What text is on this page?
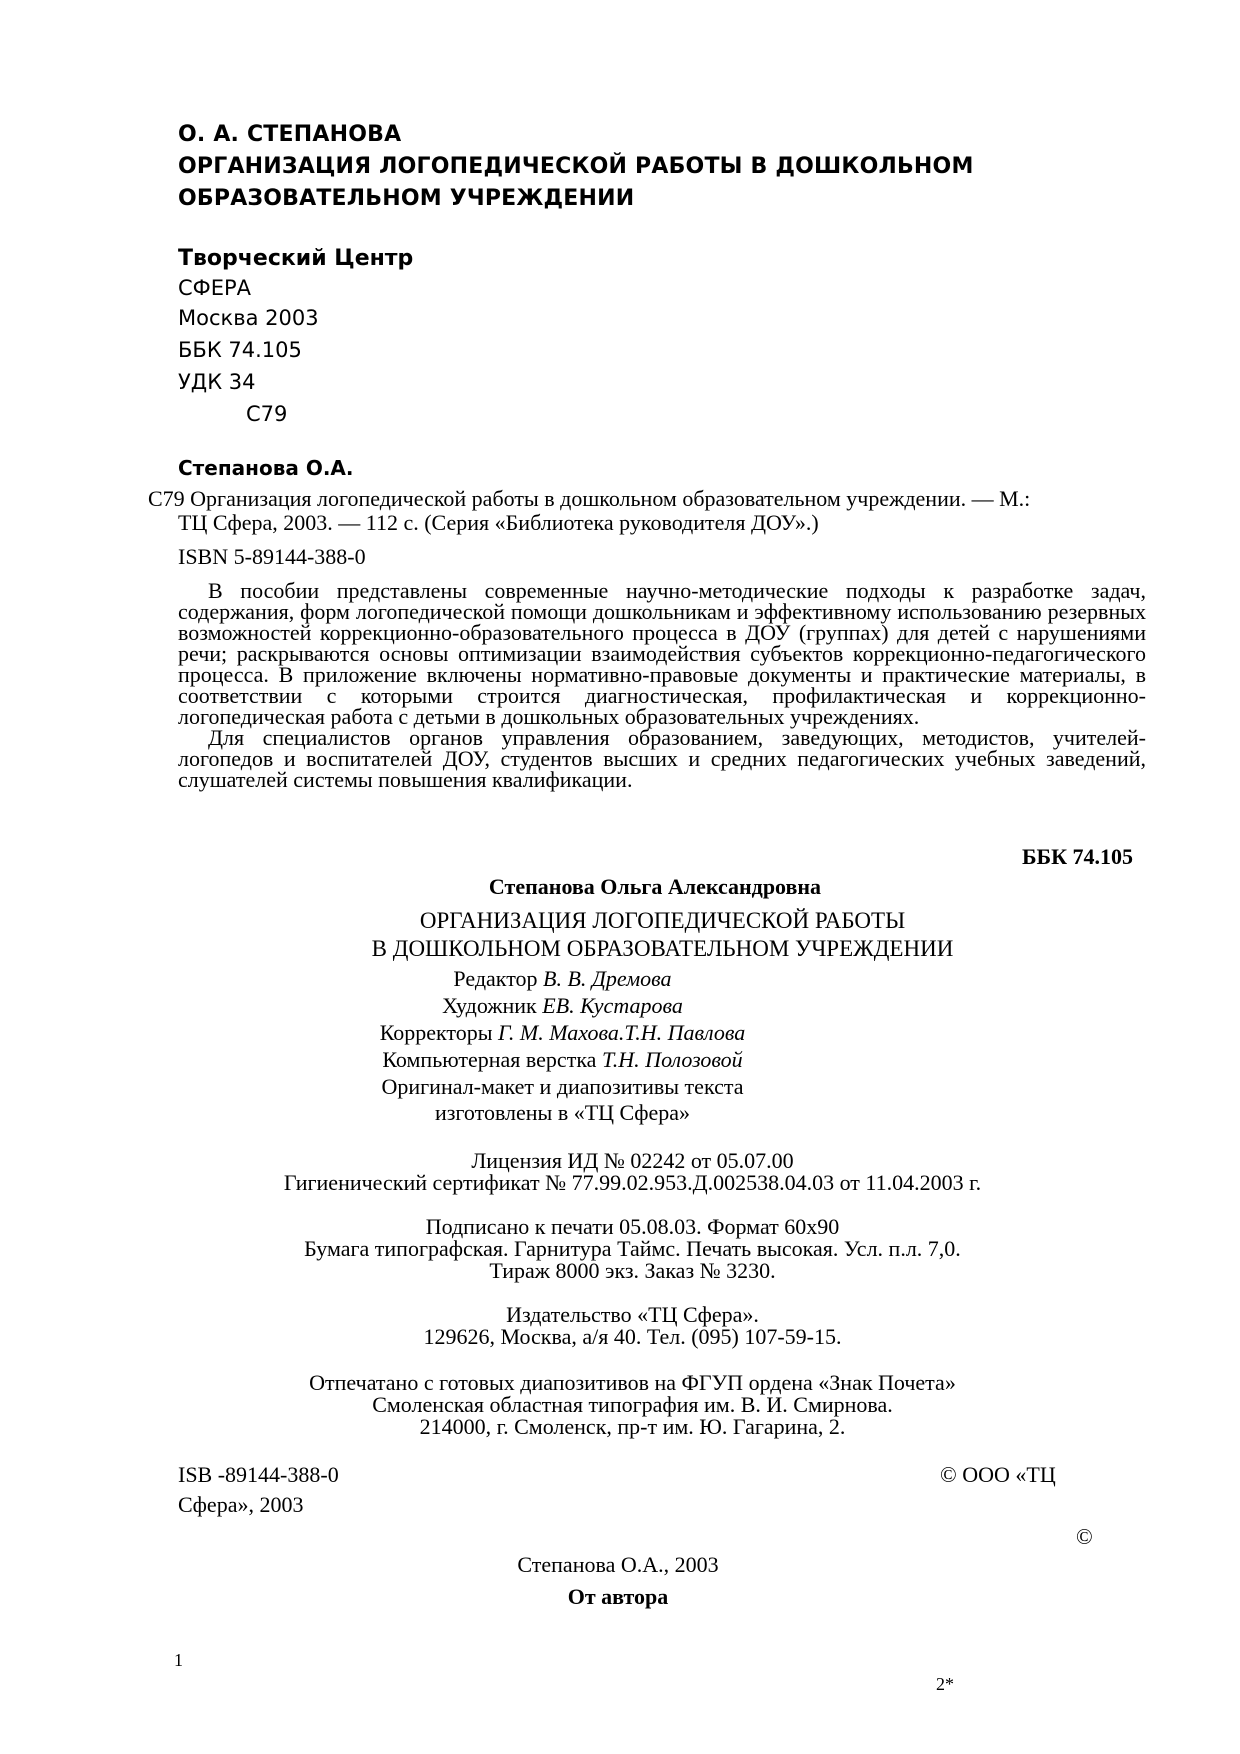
О. А. СТЕПАНОВА
ОРГАНИЗАЦИЯ ЛОГОПЕДИЧЕСКОЙ РАБОТЫ В ДОШКОЛЬНОМ
ОБРАЗОВАТЕЛЬНОМ УЧРЕЖДЕНИИ
Творческий Центр
СФЕРА
Москва 2003
ББК 74.105
УДК 34
С79
Степанова О.А.
С79 Организация логопедической работы в дошкольном образовательном учреждении. — М.:
ТЦ Сфера, 2003. — 112 с. (Серия «Библиотека руководителя ДОУ».)
ISBN 5-89144-388-0

В пособии представлены современные научно-методические подходы к разработке задач, содержания, форм логопедической помощи дошкольникам и эффективному использованию резервных возможностей коррекционно-образовательного процесса в ДОУ (группах) для детей с нарушениями речи; раскрываются основы оптимизации взаимодействия субъектов коррекционно-педагогического процесса. В приложение включены нормативно-правовые документы и практические материалы, в соответствии с которыми строится диагностическая, профилактическая и коррекционно-логопедическая работа с детьми в дошкольных образовательных учреждениях.

Для специалистов органов управления образованием, заведующих, методистов, учителей-логопедов и воспитателей ДОУ, студентов высших и средних педагогических учебных заведений, слушателей системы повышения квалификации.

ББК 74.105
Степанова Ольга Александровна
ОРГАНИЗАЦИЯ ЛОГОПЕДИЧЕСКОЙ РАБОТЫ
В ДОШКОЛЬНОМ ОБРАЗОВАТЕЛЬНОМ УЧРЕЖДЕНИИ
Редактор В. В. Дремова
Художник ЕВ. Кустарова
Корректоры Г. М. Махова.Т.Н. Павлова
Компьютерная верстка Т.Н. Полозовой
Оригинал-макет и диапозитивы текста
изготовлены в «ТЦ Сфера»
Лицензия ИД № 02242 от 05.07.00
Гигиенический сертификат № 77.99.02.953.Д.002538.04.03 от 11.04.2003 г.
Подписано к печати 05.08.03. Формат 60x90
Бумага типографская. Гарнитура Таймс. Печать высокая. Усл. п.л. 7,0.
Тираж 8000 экз. Заказ № 3230.
Издательство «ТЦ Сфера».
129626, Москва, а/я 40. Тел. (095) 107-59-15.
Отпечатано с готовых диапозитивов на ФГУП ордена «Знак Почета»
Смоленская областная типография им. В. И. Смирнова.
214000, г. Смоленск, пр-т им. Ю. Гагарина, 2.
ISB -89144-388-0	© ООО «ТЦ
Сфера», 2003
©
Степанова О.А., 2003
От автора
1
2*
